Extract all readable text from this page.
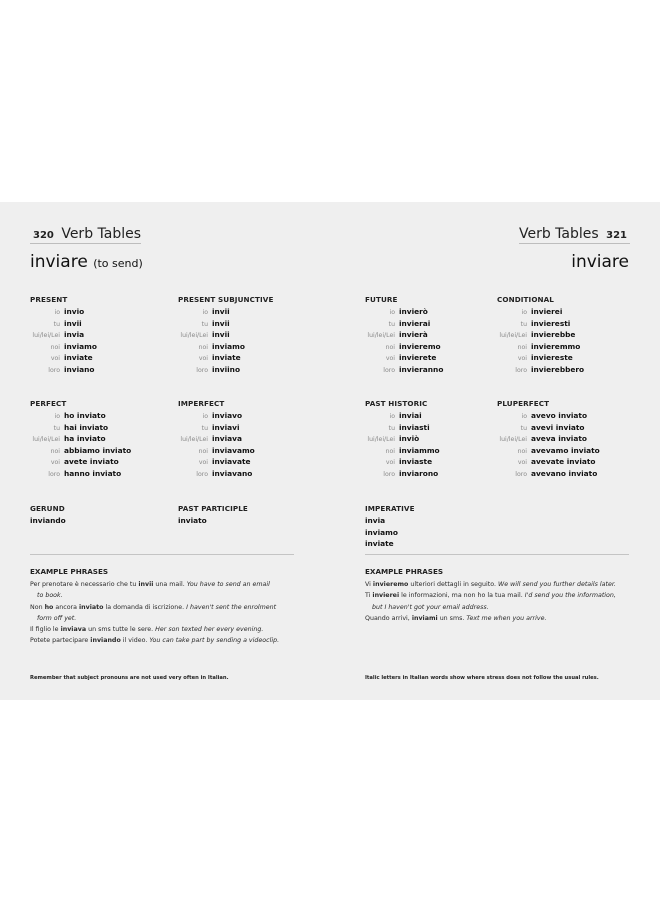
320 Verb Tables
inviare (to send)
PRESENT
io invio
tu invii
lui/lei/Lei invia
noi inviamo
voi inviate
loro inviano
PRESENT SUBJUNCTIVE
io invii
tu invii
lui/lei/Lei invii
noi inviamo
voi inviate
loro inviino
PERFECT
io ho inviato
tu hai inviato
lui/lei/Lei ha inviato
noi abbiamo inviato
voi avete inviato
loro hanno inviato
IMPERFECT
io inviavo
tu inviavi
lui/lei/Lei inviava
noi inviavamo
voi inviavate
loro inviavano
GERUND
inviando
PAST PARTICIPLE
inviato
EXAMPLE PHRASES

Per prenotare è necessario che tu invii una mail. You have to send an email

to book.

Non ho ancora inviato la domanda di iscrizione. I haven't sent the enrolment

form off yet.

Il figlio le inviava un sms tutte le sere. Her son texted her every evening.

Potete partecipare inviando il video. You can take part by sending a videoclip.

Remember that subject pronouns are not used very often in Italian.
Verb Tables 321
inviare
FUTURE
io invierò
tu invierai
lui/lei/Lei invierà
noi invieremo
voi invierete
loro invieranno
CONDITIONAL
io invierei
tu invieresti
lui/lei/Lei invierebbe
noi invieremmo
voi inviereste
loro invierebbero
PAST HISTORIC
io inviai
tu inviasti
lui/lei/Lei inviò
noi inviammo
voi inviaste
loro inviarono
PLUPERFECT
io avevo inviato
tu avevi inviato
lui/lei/Lei aveva inviato
noi avevamo inviato
voi avevate inviato
loro avevano inviato
IMPERATIVE
invia
inviamo
inviate
EXAMPLE PHRASES

Vi invieremo ulteriori dettagli in seguito. We will send you further details later.

Ti invierei le informazioni, ma non ho la tua mail. I'd send you the information,

but I haven't got your email address.

Quando arrivi, inviami un sms. Text me when you arrive.

Italic letters in Italian words show where stress does not follow the usual rules.
